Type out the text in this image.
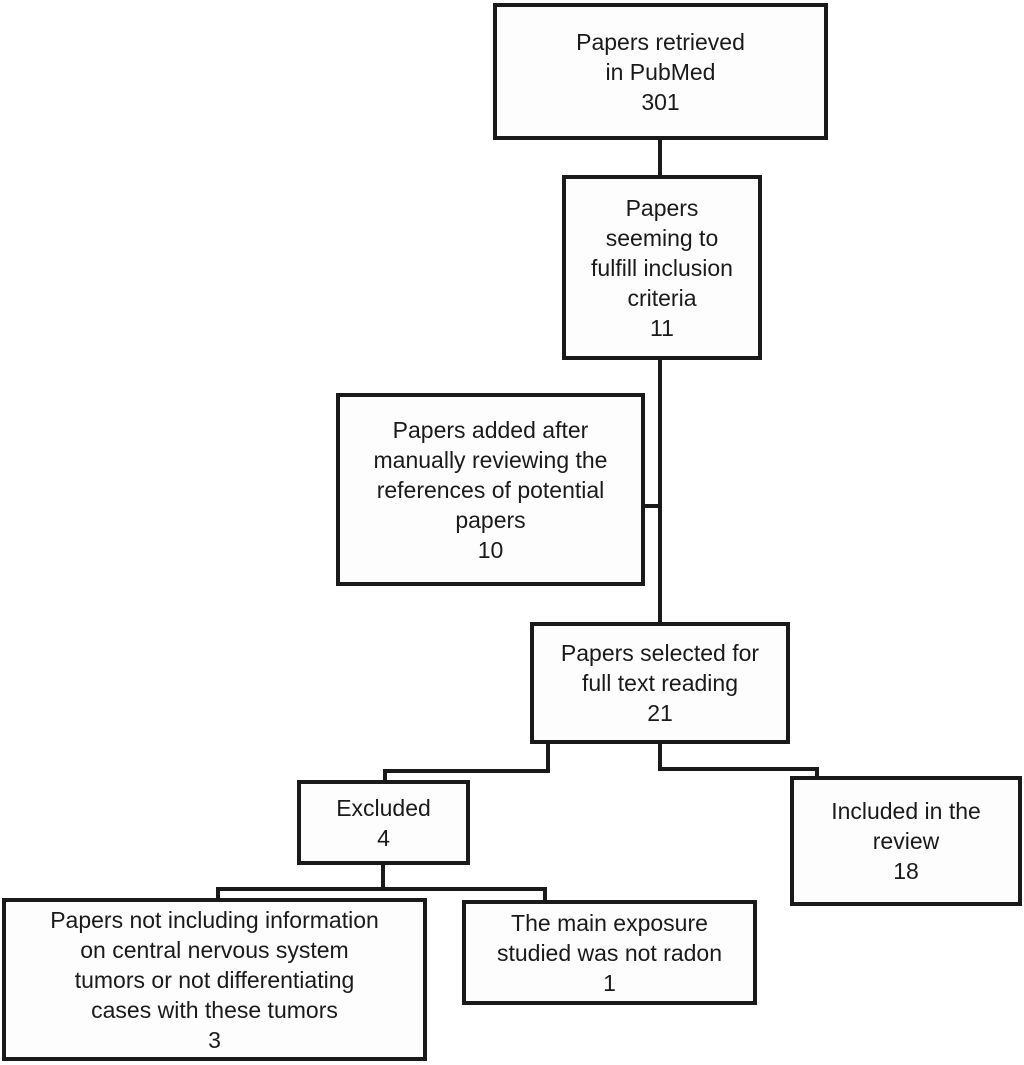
Papers retrieved
in PubMed
301
Papers
seeming to
fulfill inclusion
criteria
11
Papers added after
manually reviewing the
references of potential
papers
10
Papers selected for
full text reading
21
Excluded
4
Included in the
review
18
Papers not including information
on central nervous system
tumors or not differentiating
cases with these tumors
3
The main exposure
studied was not radon
1
